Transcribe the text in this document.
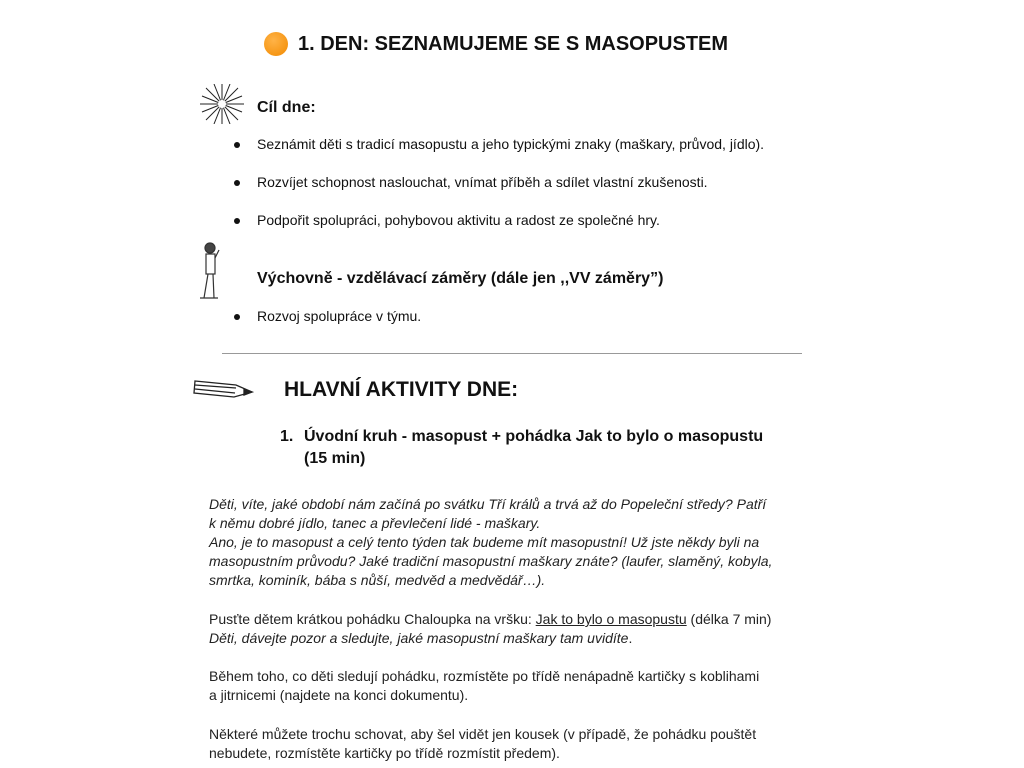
1. DEN: SEZNAMUJEME SE S MASOPUSTEM
Cíl dne:
Seznámit děti s tradicí masopustu a jeho typickými znaky (maškary, průvod, jídlo).
Rozvíjet schopnost naslouchat, vnímat příběh a sdílet vlastní zkušenosti.
Podpořit spolupráci, pohybovou aktivitu a radost ze společné hry.
Výchovně - vzdělávací záměry (dále jen ,,VV záměry”)
Rozvoj spolupráce v týmu.
HLAVNÍ AKTIVITY DNE:
1. Úvodní kruh - masopust + pohádka Jak to bylo o masopustu
(15 min)
Děti, víte, jaké období nám začíná po svátku Tří králů a trvá až do Popeleční středy? Patří
k němu dobré jídlo, tanec a převlečení lidé - maškary.
Ano, je to masopust a celý tento týden tak budeme mít masopustní! Už jste někdy byli na
masopustním průvodu? Jaké tradiční masopustní maškary znáte? (laufer, slaměný, kobyla,
smrtka, kominík, bába s nůší, medvěd a medvědář…).
Pusťte dětem krátkou pohádku Chaloupka na vršku: Jak to bylo o masopustu (délka 7 min)
Děti, dávejte pozor a sledujte, jaké masopustní maškary tam uvidíte.
Během toho, co děti sledují pohádku, rozmístěte po třídě nenápadně kartičky s koblihami
a jitrnicemi (najdete na konci dokumentu).
Některé můžete trochu schovat, aby šel vidět jen kousek (v případě, že pohádku pouštět
nebudete, rozmístěte kartičky po třídě rozmístit předem).
